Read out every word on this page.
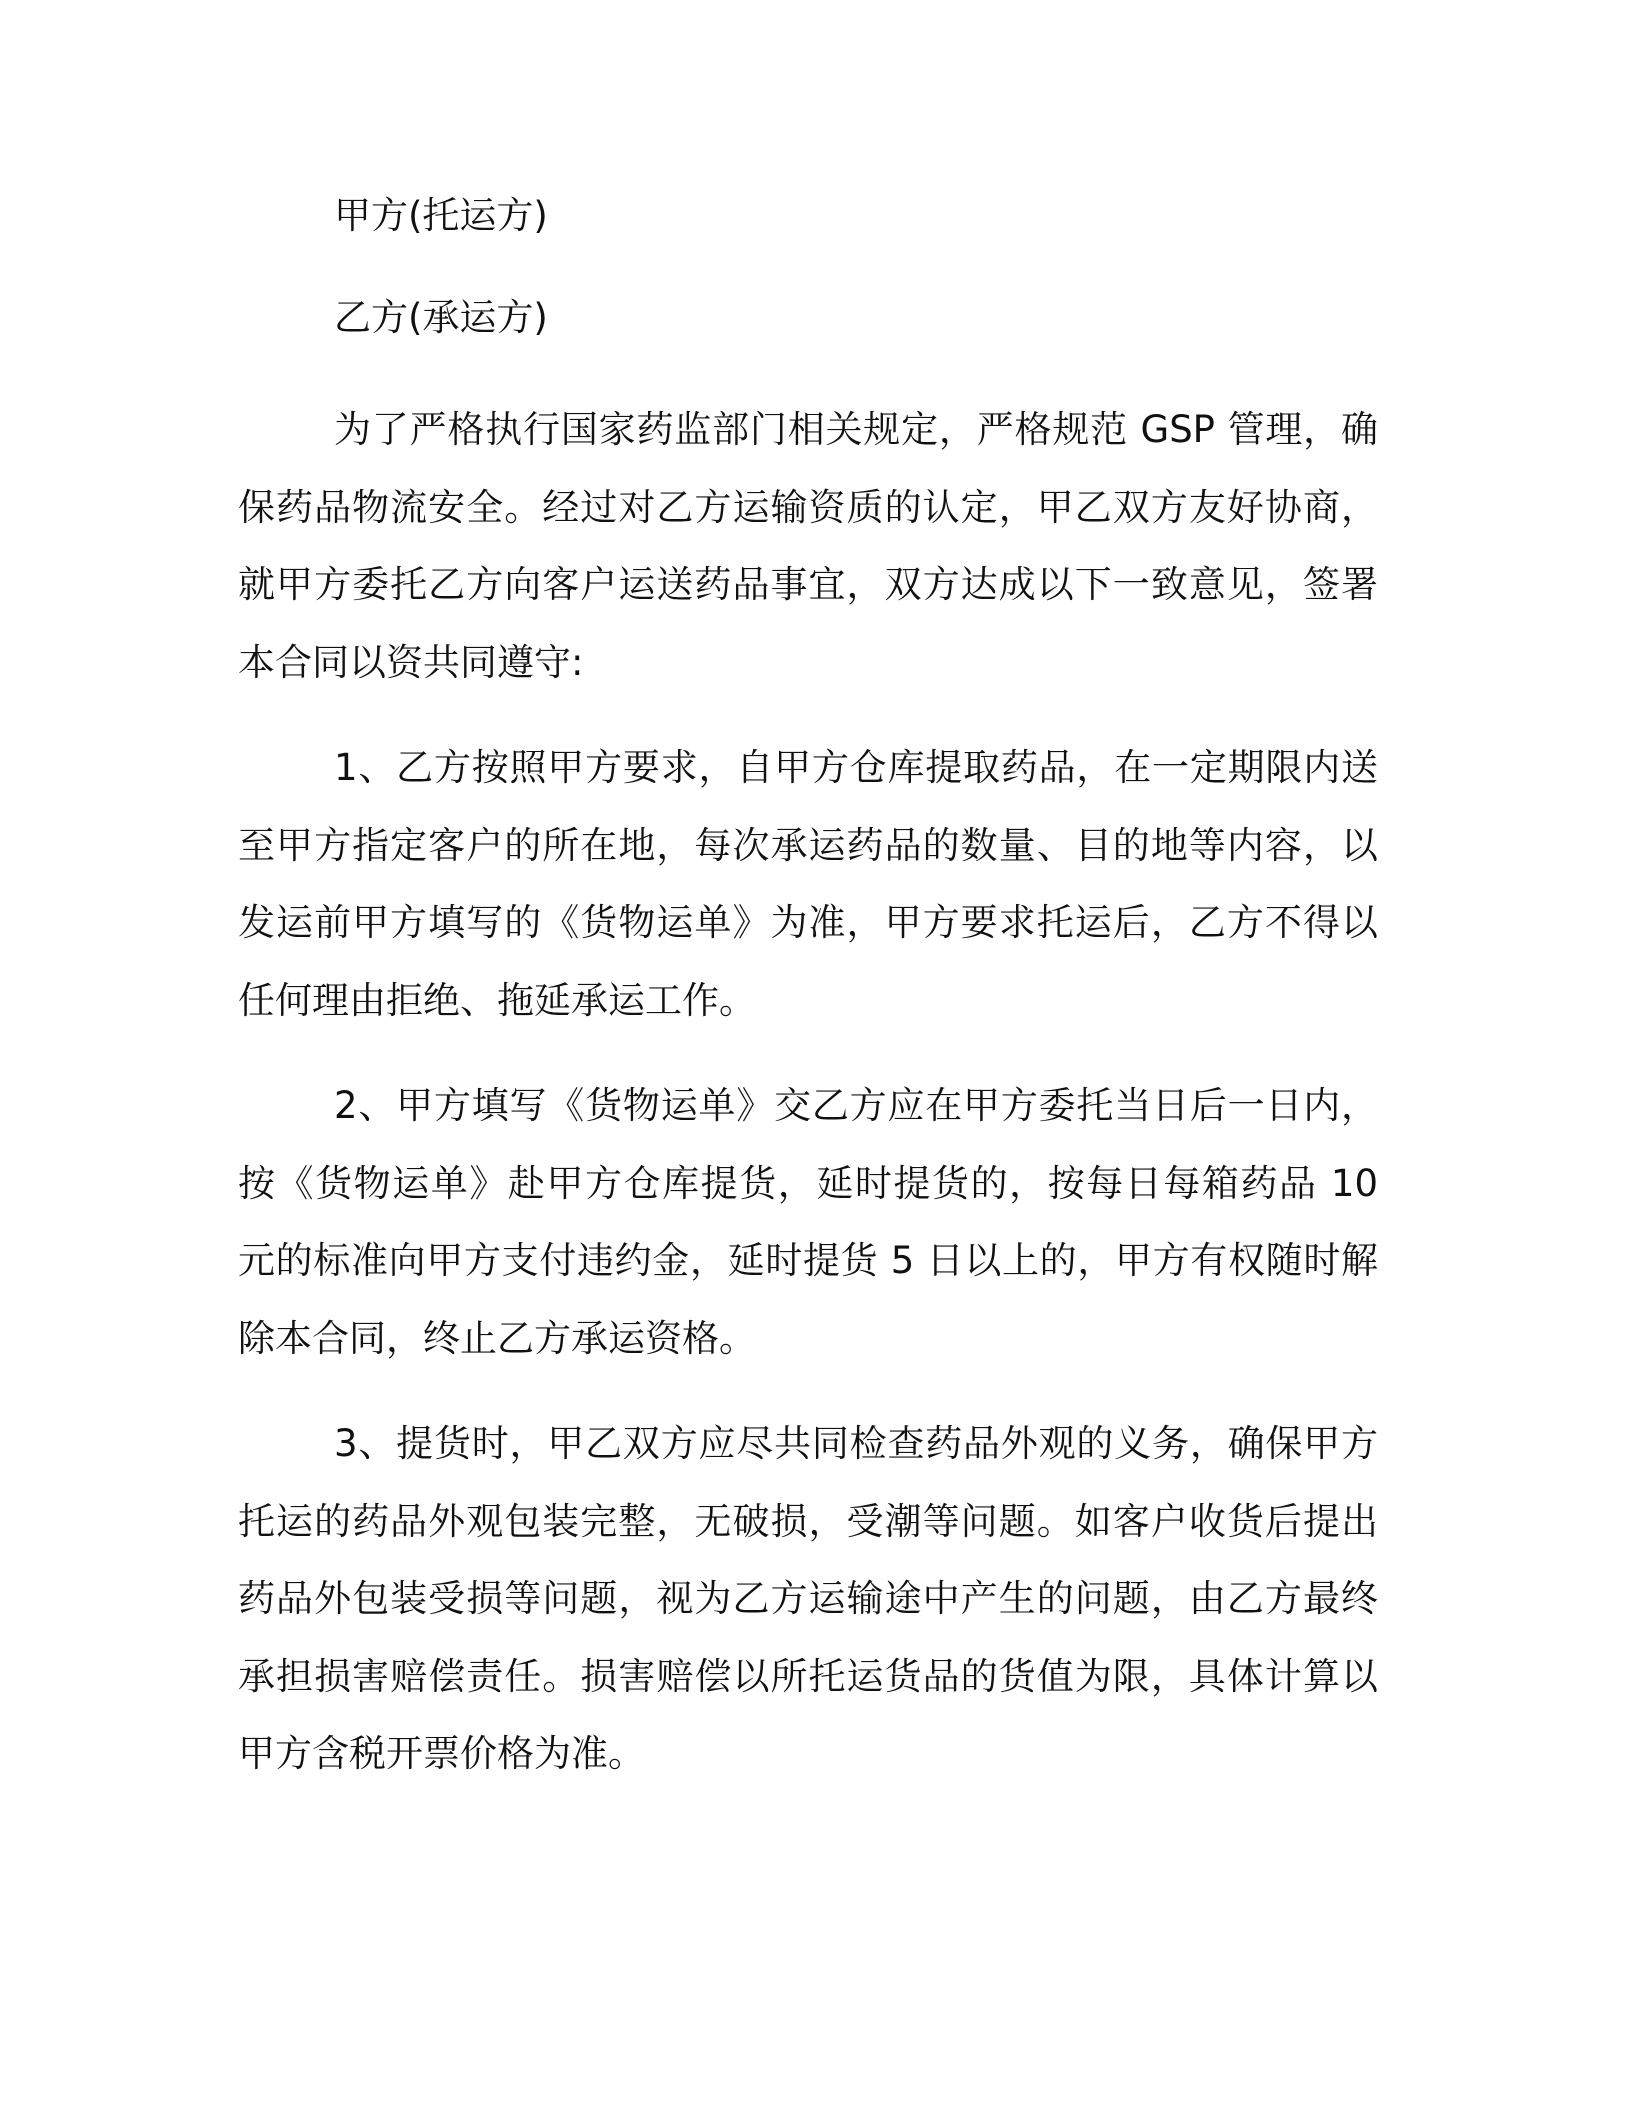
甲方(托运方)

乙方(承运方)

为了严格执行国家药监部门相关规定，严格规范 GSP 管理，确保药品物流安全。经过对乙方运输资质的认定，甲乙双方友好协商，就甲方委托乙方向客户运送药品事宜，双方达成以下一致意见，签署本合同以资共同遵守:

1、乙方按照甲方要求，自甲方仓库提取药品，在一定期限内送至甲方指定客户的所在地，每次承运药品的数量、目的地等内容，以发运前甲方填写的《货物运单》为准，甲方要求托运后，乙方不得以任何理由拒绝、拖延承运工作。

2、甲方填写《货物运单》交乙方应在甲方委托当日后一日内，按《货物运单》赴甲方仓库提货，延时提货的，按每日每箱药品 10 元的标准向甲方支付违约金，延时提货 5 日以上的，甲方有权随时解除本合同，终止乙方承运资格。

3、提货时，甲乙双方应尽共同检查药品外观的义务，确保甲方托运的药品外观包装完整，无破损，受潮等问题。如客户收货后提出药品外包装受损等问题，视为乙方运输途中产生的问题，由乙方最终承担损害赔偿责任。损害赔偿以所托运货品的货值为限，具体计算以甲方含税开票价格为准。
